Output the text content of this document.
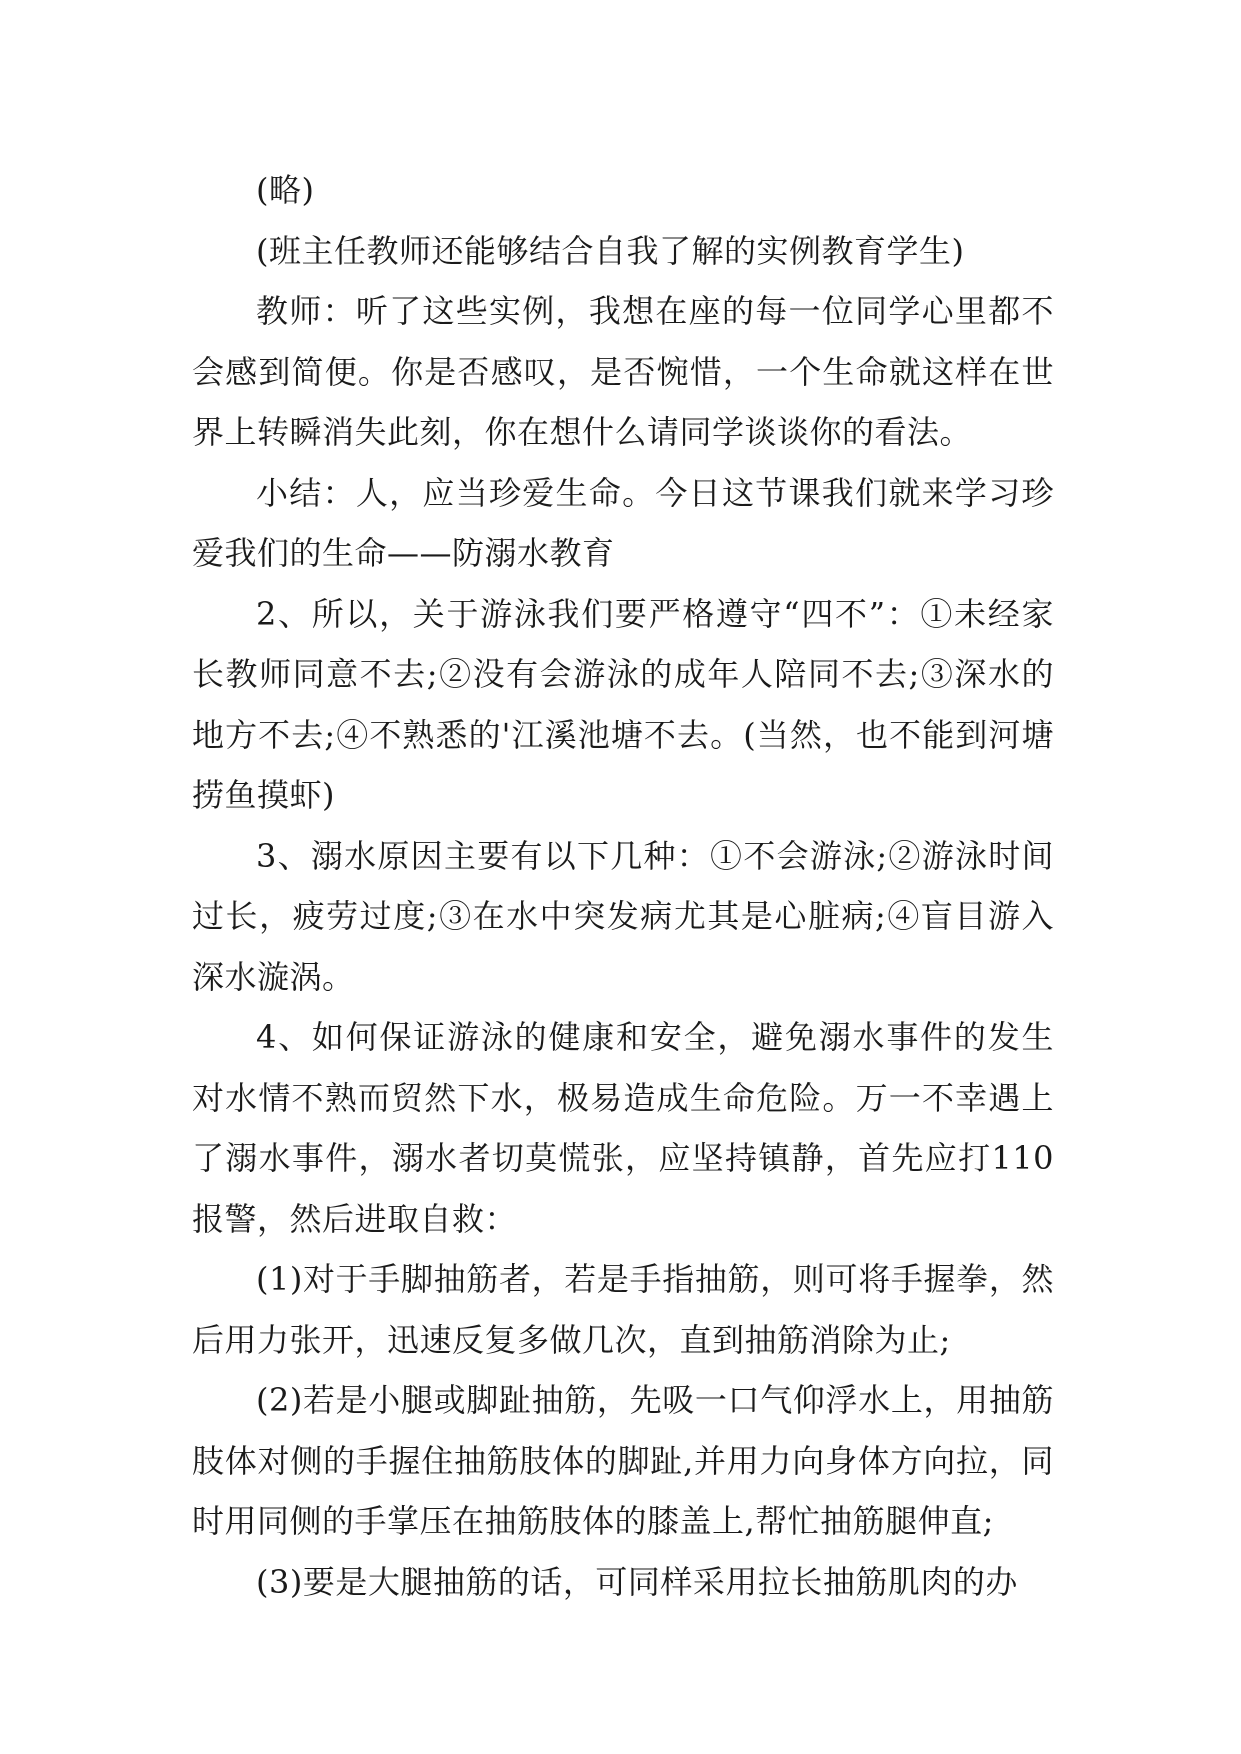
(略)

(班主任教师还能够结合自我了解的实例教育学生)

教师：听了这些实例，我想在座的每一位同学心里都不会感到简便。你是否感叹，是否惋惜，一个生命就这样在世界上转瞬消失此刻，你在想什么请同学谈谈你的看法。

小结：人，应当珍爱生命。今日这节课我们就来学习珍爱我们的生命——防溺水教育

2、所以，关于游泳我们要严格遵守“四不”：①未经家长教师同意不去;②没有会游泳的成年人陪同不去;③深水的地方不去;④不熟悉的'江溪池塘不去。(当然，也不能到河塘捞鱼摸虾)

3、溺水原因主要有以下几种：①不会游泳;②游泳时间过长，疲劳过度;③在水中突发病尤其是心脏病;④盲目游入深水漩涡。

4、如何保证游泳的健康和安全，避免溺水事件的发生对水情不熟而贸然下水，极易造成生命危险。万一不幸遇上了溺水事件，溺水者切莫慌张，应坚持镇静，首先应打110报警，然后进取自救：

(1)对于手脚抽筋者，若是手指抽筋，则可将手握拳，然后用力张开，迅速反复多做几次，直到抽筋消除为止;

(2)若是小腿或脚趾抽筋，先吸一口气仰浮水上，用抽筋肢体对侧的手握住抽筋肢体的脚趾,并用力向身体方向拉，同时用同侧的手掌压在抽筋肢体的膝盖上,帮忙抽筋腿伸直;

(3)要是大腿抽筋的话，可同样采用拉长抽筋肌肉的办
